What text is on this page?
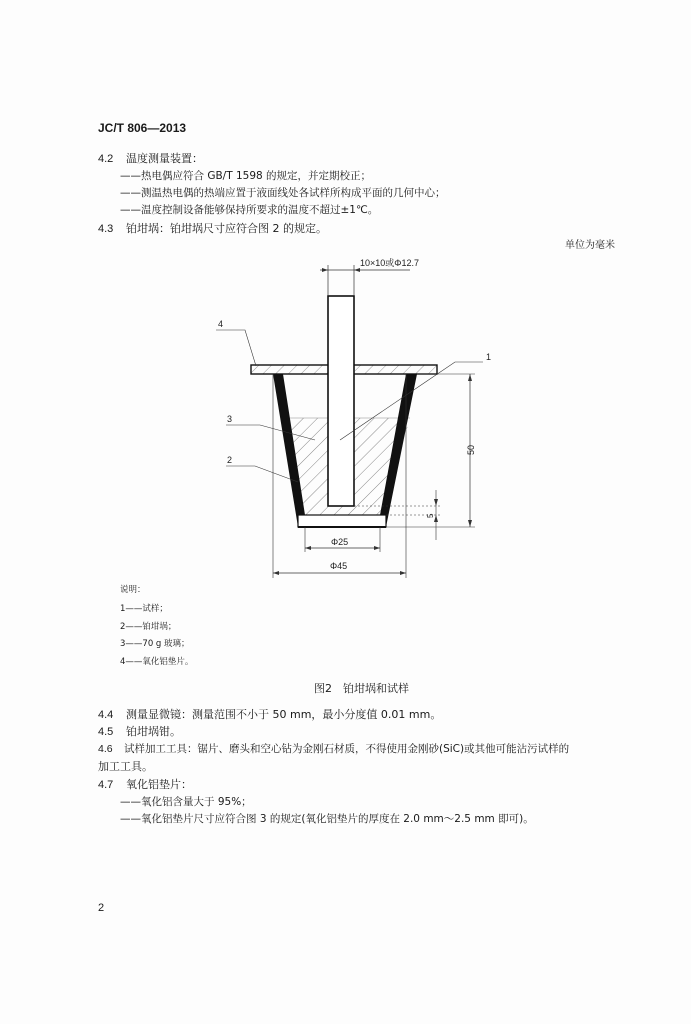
JC/T 806—2013
4.2 温度测量装置：
——热电偶应符合 GB/T 1598 的规定，并定期校正；
——测温热电偶的热端应置于液面线处各试样所构成平面的几何中心；
——温度控制设备能够保持所要求的温度不超过±1℃。
4.3 铂坩埚：铂坩埚尺寸应符合图 2 的规定。
单位为毫米
10×10或Φ12.7
50
5
Φ25
Φ45
1
2
3
4
说明：
1——试样；
2——铂坩埚；
3——70 g 玻璃；
4——氧化铝垫片。
图2　铂坩埚和试样
4.4 测量显微镜：测量范围不小于 50 mm，最小分度值 0.01 mm。
4.5 铂坩埚钳。
4.6 试样加工工具：锯片、磨头和空心钻为金刚石材质，不得使用金刚砂(SiC)或其他可能沾污试样的
加工工具。
4.7 氧化铝垫片：
——氧化铝含量大于 95%；
——氧化铝垫片尺寸应符合图 3 的规定(氧化铝垫片的厚度在 2.0 mm～2.5 mm 即可)。
2
